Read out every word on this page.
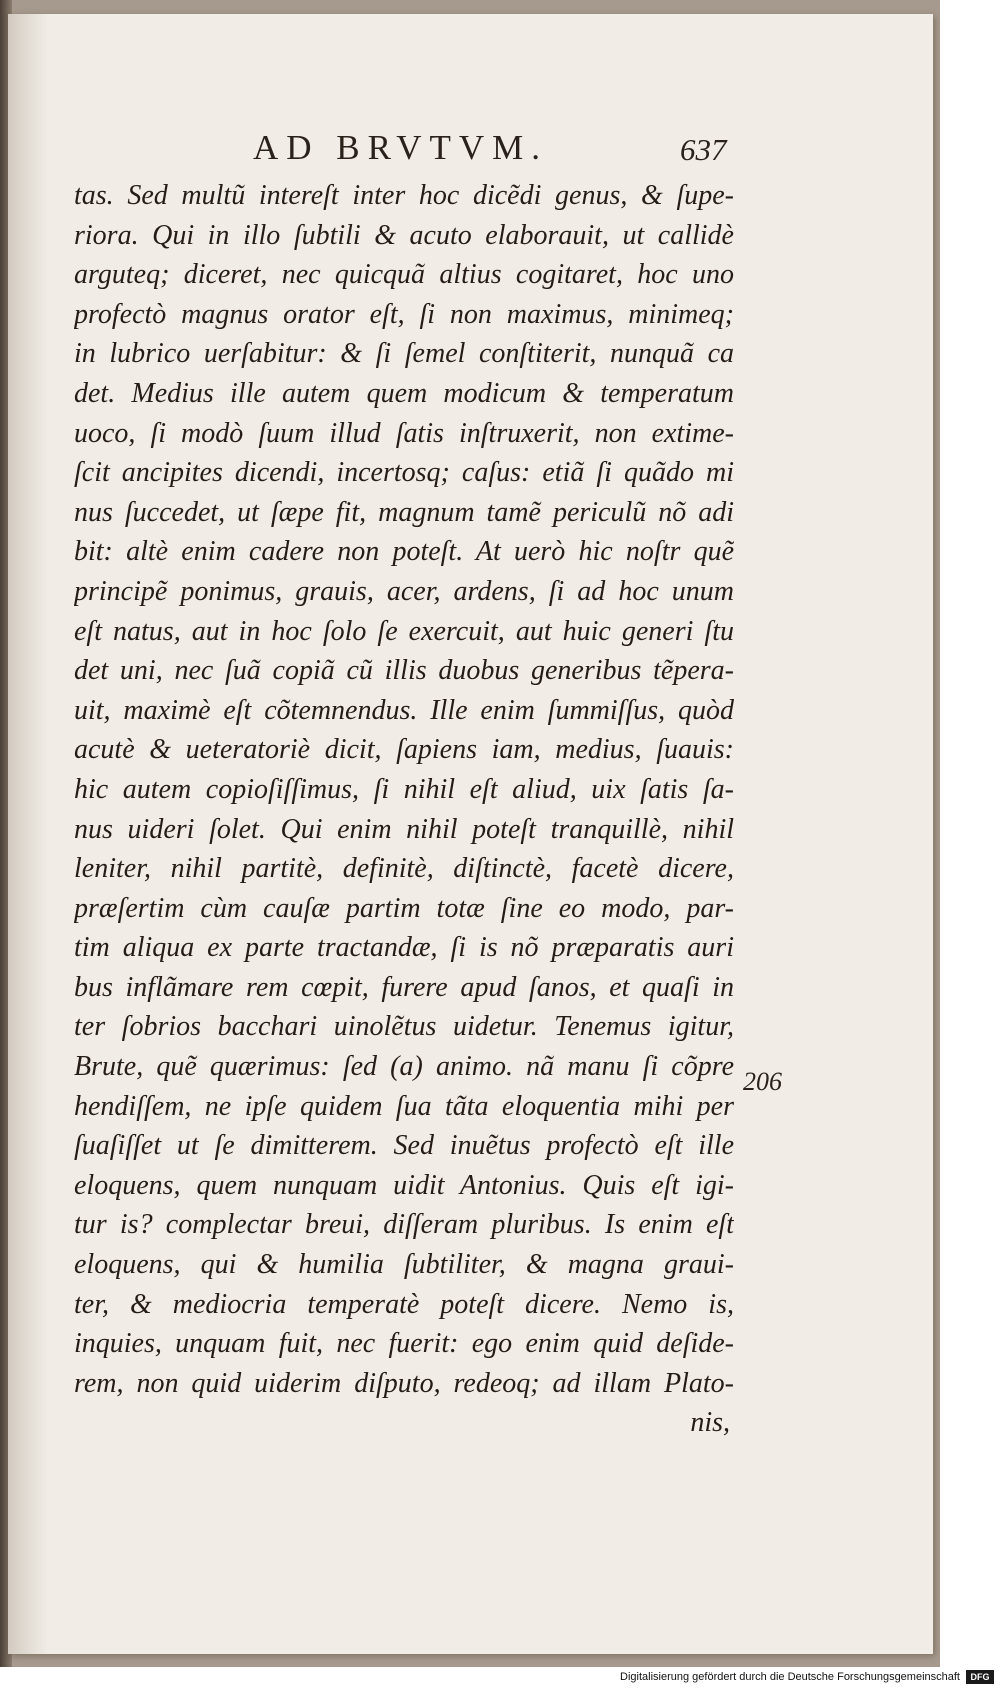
AD BRVTVM.	637
tas. Sed multũ intereſt inter hoc dicẽdi genus, & ſupe-
riora. Qui in illo ſubtili & acuto elaborauit, ut callidè
arguteq; diceret, nec quicquã altius cogitaret, hoc uno
profectò magnus orator eſt, ſi non maximus, minimeq;
in lubrico uerſabitur: & ſi ſemel conſtiterit, nunquã ca
det. Medius ille autem quem modicum & temperatum
uoco, ſi modò ſuum illud ſatis inſtruxerit, non extime-
ſcit ancipites dicendi, incertosq; caſus: etiã ſi quãdo mi
nus ſuccedet, ut ſæpe fit, magnum tamẽ periculũ nõ adi
bit: altè enim cadere non poteſt. At uerò hic noſtr quẽ
principẽ ponimus, grauis, acer, ardens, ſi ad hoc unum
eſt natus, aut in hoc ſolo ſe exercuit, aut huic generi ſtu
det uni, nec ſuã copiã cũ illis duobus generibus tẽpera-
uit, maximè eſt cõtemnendus. Ille enim ſummiſſus, quòd
acutè & ueteratoriè dicit, ſapiens iam, medius, ſuauis:
hic autem copioſiſſimus, ſi nihil eſt aliud, uix ſatis ſa-
nus uideri ſolet. Qui enim nihil poteſt tranquillè, nihil
leniter, nihil partitè, definitè, diſtinctè, facetè dicere,
præſertim cùm cauſæ partim totæ ſine eo modo, par-
tim aliqua ex parte tractandæ, ſi is nõ præparatis auri
bus inflãmare rem cœpit, furere apud ſanos, et quaſi in
ter ſobrios bacchari uinolẽtus uidetur. Tenemus igitur,
Brute, quẽ quærimus: ſed (a) animo. nã manu ſi cõpre
hendiſſem, ne ipſe quidem ſua tãta eloquentia mihi per
ſuaſiſſet ut ſe dimitterem. Sed inuẽtus profectò eſt ille
eloquens, quem nunquam uidit Antonius. Quis eſt igi-
tur is? complectar breui, diſſeram pluribus. Is enim eſt
eloquens, qui & humilia ſubtiliter, & magna graui-
ter, & mediocria temperatè poteſt dicere. Nemo is,
inquies, unquam fuit, nec fuerit: ego enim quid deſide-
rem, non quid uiderim diſputo, redeoq; ad illam Plato-
nis,
206
Digitalisierung gefördert durch die Deutsche Forschungsgemeinschaft	DFG
